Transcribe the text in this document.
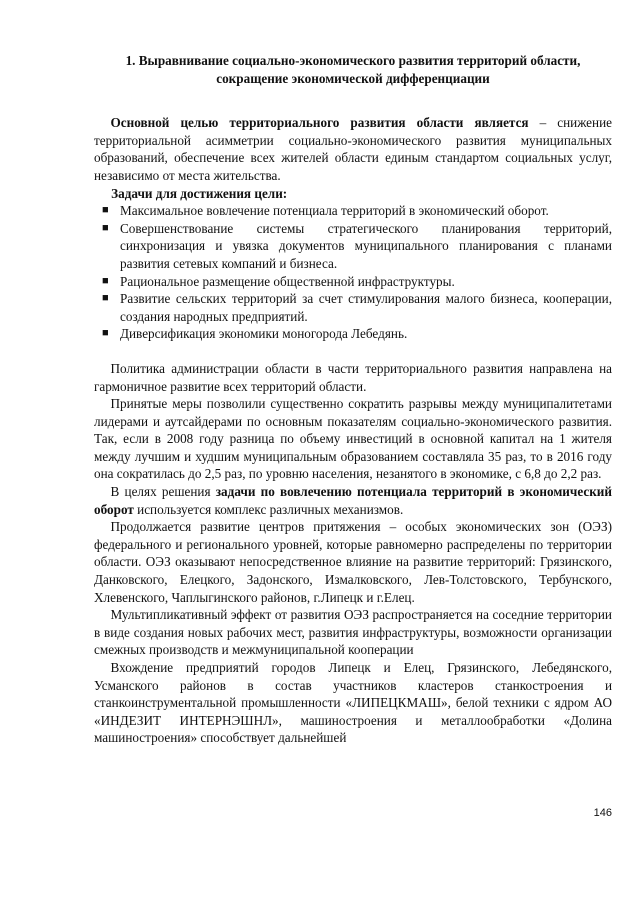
1. Выравнивание социально-экономического развития территорий области, сокращение экономической дифференциации

Основной целью территориального развития области является – снижение территориальной асимметрии социально-экономического развития муниципальных образований, обеспечение всех жителей области единым стандартом социальных услуг, независимо от места жительства.

Задачи для достижения цели:
■ Максимальное вовлечение потенциала территорий в экономический оборот.
■ Совершенствование системы стратегического планирования территорий, синхронизация и увязка документов муниципального планирования с планами развития сетевых компаний и бизнеса.
■ Рациональное размещение общественной инфраструктуры.
■ Развитие сельских территорий за счет стимулирования малого бизнеса, кооперации, создания народных предприятий.
■ Диверсификация экономики моногорода Лебедянь.

Политика администрации области в части территориального развития направлена на гармоничное развитие всех территорий области.

Принятые меры позволили существенно сократить разрывы между муниципалитетами лидерами и аутсайдерами по основным показателям социально-экономического развития. Так, если в 2008 году разница по объему инвестиций в основной капитал на 1 жителя между лучшим и худшим муниципальным образованием составляла 35 раз, то в 2016 году она сократилась до 2,5 раз, по уровню населения, незанятого в экономике, с 6,8 до 2,2 раз.

В целях решения задачи по вовлечению потенциала территорий в экономический оборот используется комплекс различных механизмов.

Продолжается развитие центров притяжения – особых экономических зон (ОЭЗ) федерального и регионального уровней, которые равномерно распределены по территории области. ОЭЗ оказывают непосредственное влияние на развитие территорий: Грязинского, Данковского, Елецкого, Задонского, Измалковского, Лев-Толстовского, Тербунского, Хлевенского, Чаплыгинского районов, г.Липецк и г.Елец.

Мультипликативный эффект от развития ОЭЗ распространяется на соседние территории в виде создания новых рабочих мест, развития инфраструктуры, возможности организации смежных производств и межмуниципальной кооперации

Вхождение предприятий городов Липецк и Елец, Грязинского, Лебедянского, Усманского районов в состав участников кластеров станкостроения и станкоинструментальной промышленности «ЛИПЕЦКМАШ», белой техники с ядром АО «ИНДЕЗИТ ИНТЕРНЭШНЛ», машиностроения и металлообработки «Долина машиностроения» способствует дальнейшей

146
